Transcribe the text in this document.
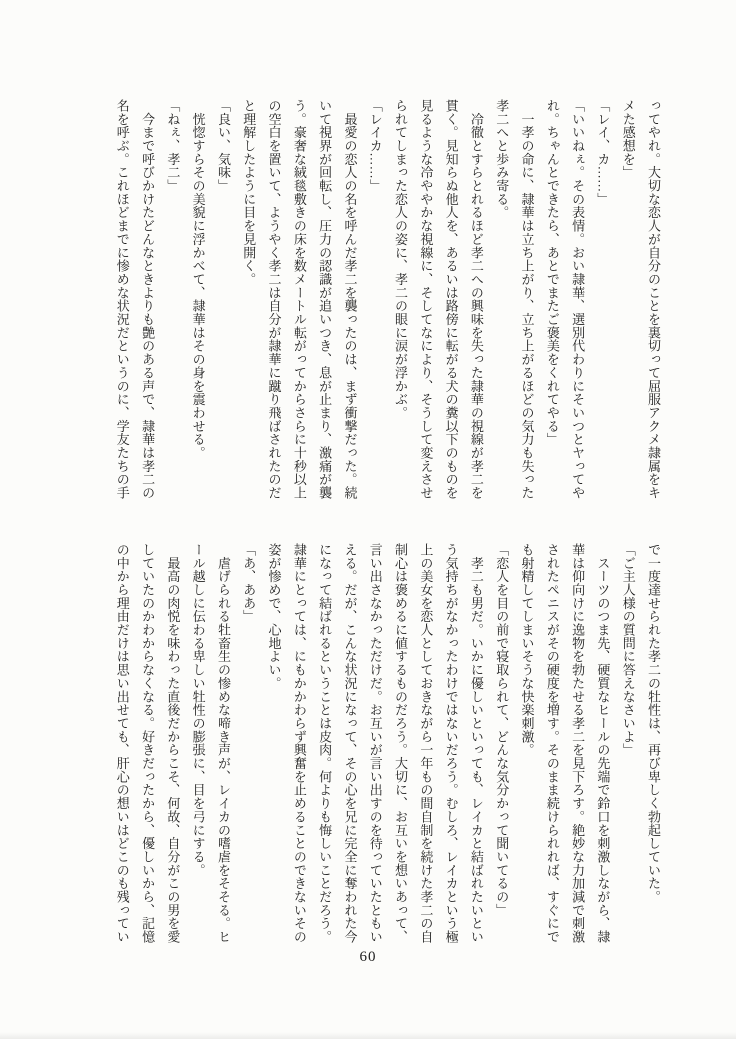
ってやれ。大切な恋人が自分のことを裏切って屈服アクメ隷属をキ

メた感想を」

「レイ、カ……」

「いいねぇ。その表情。おい隷華、選別代わりにそいつとヤってや

れ。ちゃんとできたら、あとでまたご褒美をくれてやる」

　一孝の命に、隷華は立ち上がり、立ち上がるほどの気力も失った

孝二へと歩み寄る。

　冷徹とすらとれるほど孝二への興味を失った隷華の視線が孝二を

貫く。見知らぬ他人を、あるいは路傍に転がる犬の糞以下のものを

見るような冷ややかな視線に、そしてなにより、そうして変えさせ

られてしまった恋人の姿に、孝二の眼に涙が浮かぶ。

「レイカ……」

　最愛の恋人の名を呼んだ孝二を襲ったのは、まず衝撃だった。続

いて視界が回転し、圧力の認識が追いつき、息が止まり、激痛が襲

う。豪奢な絨毯敷きの床を数メートル転がってからさらに十秒以上

の空白を置いて、ようやく孝二は自分が隷華に蹴り飛ばされたのだ

と理解したように目を見開く。

「良い、気味」

　恍惚すらその美貌に浮かべて、隷華はその身を震わせる。

「ねぇ、孝二」

　今まで呼びかけたどんなときよりも艶のある声で、隷華は孝二の

名を呼ぶ。これほどまでに惨めな状況だというのに、学友たちの手

で一度達せられた孝二の牡性は、再び卑しく勃起していた。

「ご主人様の質問に答えなさいよ」

　スーツのつま先、硬質なヒールの先端で鈴口を刺激しながら、隷

華は仰向けに逸物を勃たせる孝二を見下ろす。絶妙な力加減で刺激

されたペニスがその硬度を増す。そのまま続けられれば、すぐにで

も射精してしまいそうな快楽刺激。

「恋人を目の前で寝取られて、どんな気分かって聞いてるの」

　孝二も男だ。いかに優しいといっても、レイカと結ばれたいとい

う気持ちがなかったわけではないだろう。むしろ、レイカという極

上の美女を恋人としておきながら一年もの間自制を続けた孝二の自

制心は褒めるに値するものだろう。大切に、お互いを想いあって、

言い出さなかっただけだ。お互いが言い出すのを待っていたともい

える。だが、こんな状況になって、その心を兄に完全に奪われた今

になって結ばれるということは皮肉。何よりも悔しいことだろう。

隷華にとっては、にもかかわらず興奮を止めることのできないその

姿が惨めで、心地よい。

「あ、ああ」

　虐げられる牡畜生の惨めな啼き声が、レイカの嗜虐をそそる。ヒ

ール越しに伝わる卑しい牡性の膨張に、目を弓にする。

　最高の肉悦を味わった直後だからこそ、何故、自分がこの男を愛

していたのかわからなくなる。好きだったから、優しいから、記憶

の中から理由だけは思い出せても、肝心の想いはどこのも残ってい

60
